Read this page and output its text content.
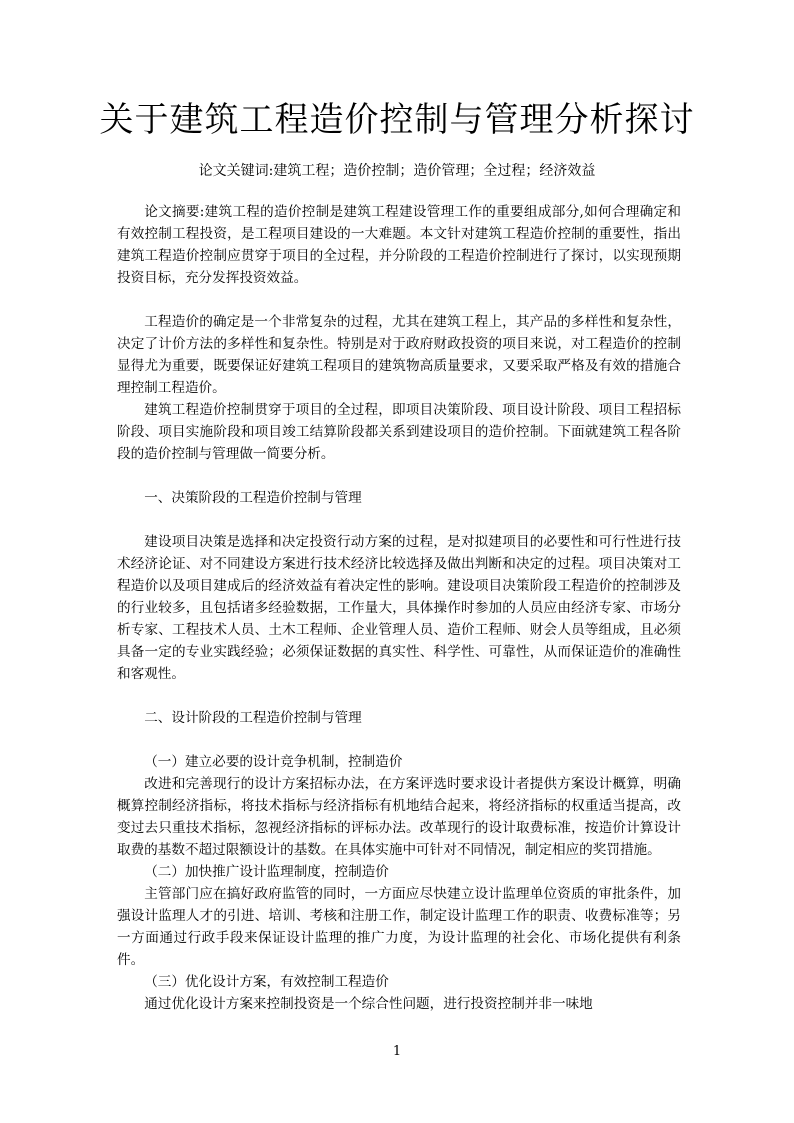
关于建筑工程造价控制与管理分析探讨
论文关键词:建筑工程；造价控制；造价管理；全过程；经济效益

论文摘要:建筑工程的造价控制是建筑工程建设管理工作的重要组成部分,如何合理确定和有效控制工程投资，是工程项目建设的一大难题。本文针对建筑工程造价控制的重要性，指出建筑工程造价控制应贯穿于项目的全过程，并分阶段的工程造价控制进行了探讨，以实现预期投资目标，充分发挥投资效益。

工程造价的确定是一个非常复杂的过程，尤其在建筑工程上，其产品的多样性和复杂性，决定了计价方法的多样性和复杂性。特别是对于政府财政投资的项目来说，对工程造价的控制显得尤为重要，既要保证好建筑工程项目的建筑物高质量要求，又要采取严格及有效的措施合理控制工程造价。

建筑工程造价控制贯穿于项目的全过程，即项目决策阶段、项目设计阶段、项目工程招标阶段、项目实施阶段和项目竣工结算阶段都关系到建设项目的造价控制。下面就建筑工程各阶段的造价控制与管理做一简要分析。

一、决策阶段的工程造价控制与管理

建设项目决策是选择和决定投资行动方案的过程，是对拟建项目的必要性和可行性进行技术经济论证、对不同建设方案进行技术经济比较选择及做出判断和决定的过程。项目决策对工程造价以及项目建成后的经济效益有着决定性的影响。建设项目决策阶段工程造价的控制涉及的行业较多，且包括诸多经验数据，工作量大，具体操作时参加的人员应由经济专家、市场分析专家、工程技术人员、土木工程师、企业管理人员、造价工程师、财会人员等组成，且必须具备一定的专业实践经验；必须保证数据的真实性、科学性、可靠性，从而保证造价的准确性和客观性。

二、设计阶段的工程造价控制与管理

（一）建立必要的设计竞争机制，控制造价

改进和完善现行的设计方案招标办法，在方案评选时要求设计者提供方案设计概算，明确概算控制经济指标，将技术指标与经济指标有机地结合起来，将经济指标的权重适当提高，改变过去只重技术指标，忽视经济指标的评标办法。改革现行的设计取费标准，按造价计算设计取费的基数不超过限额设计的基数。在具体实施中可针对不同情况，制定相应的奖罚措施。

（二）加快推广设计监理制度，控制造价

主管部门应在搞好政府监管的同时，一方面应尽快建立设计监理单位资质的审批条件，加强设计监理人才的引进、培训、考核和注册工作，制定设计监理工作的职责、收费标准等；另一方面通过行政手段来保证设计监理的推广力度，为设计监理的社会化、市场化提供有利条件。

（三）优化设计方案，有效控制工程造价

通过优化设计方案来控制投资是一个综合性问题，进行投资控制并非一味地

1
